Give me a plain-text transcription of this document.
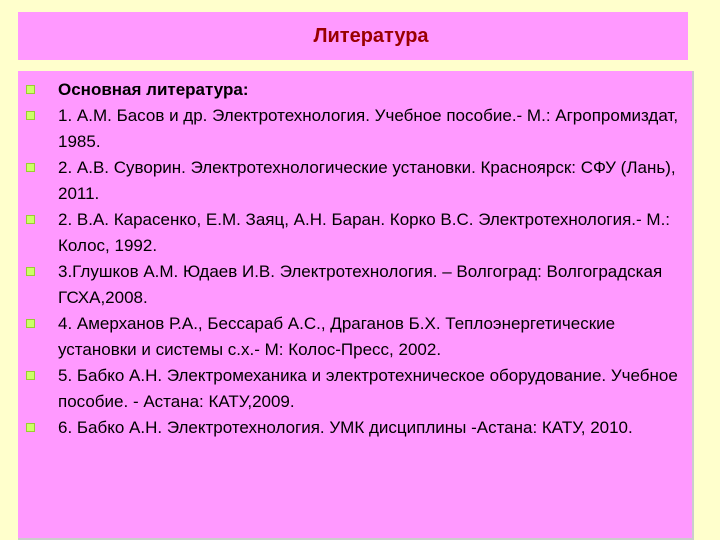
Литература
Основная литература:
1. А.М. Басов и др. Электротехнология. Учебное пособие.- М.: Агропромиздат, 1985.
2. А.В. Суворин. Электротехнологические установки. Красноярск: СФУ (Лань), 2011.
2. В.А. Карасенко, Е.М. Заяц, А.Н. Баран. Корко В.С. Электротехнология.- М.: Колос, 1992.
3.Глушков А.М. Юдаев И.В. Электротехнология. – Волгоград: Волгоградская ГСХА,2008.
4. Амерханов Р.А., Бессараб А.С., Драганов Б.Х. Теплоэнергетические установки и системы с.х.- М: Колос-Пресс, 2002.
5. Бабко А.Н. Электромеханика и электротехническое оборудование. Учебное пособие. - Астана: КАТУ,2009.
6. Бабко А.Н. Электротехнология. УМК дисциплины -Астана: КАТУ, 2010.
